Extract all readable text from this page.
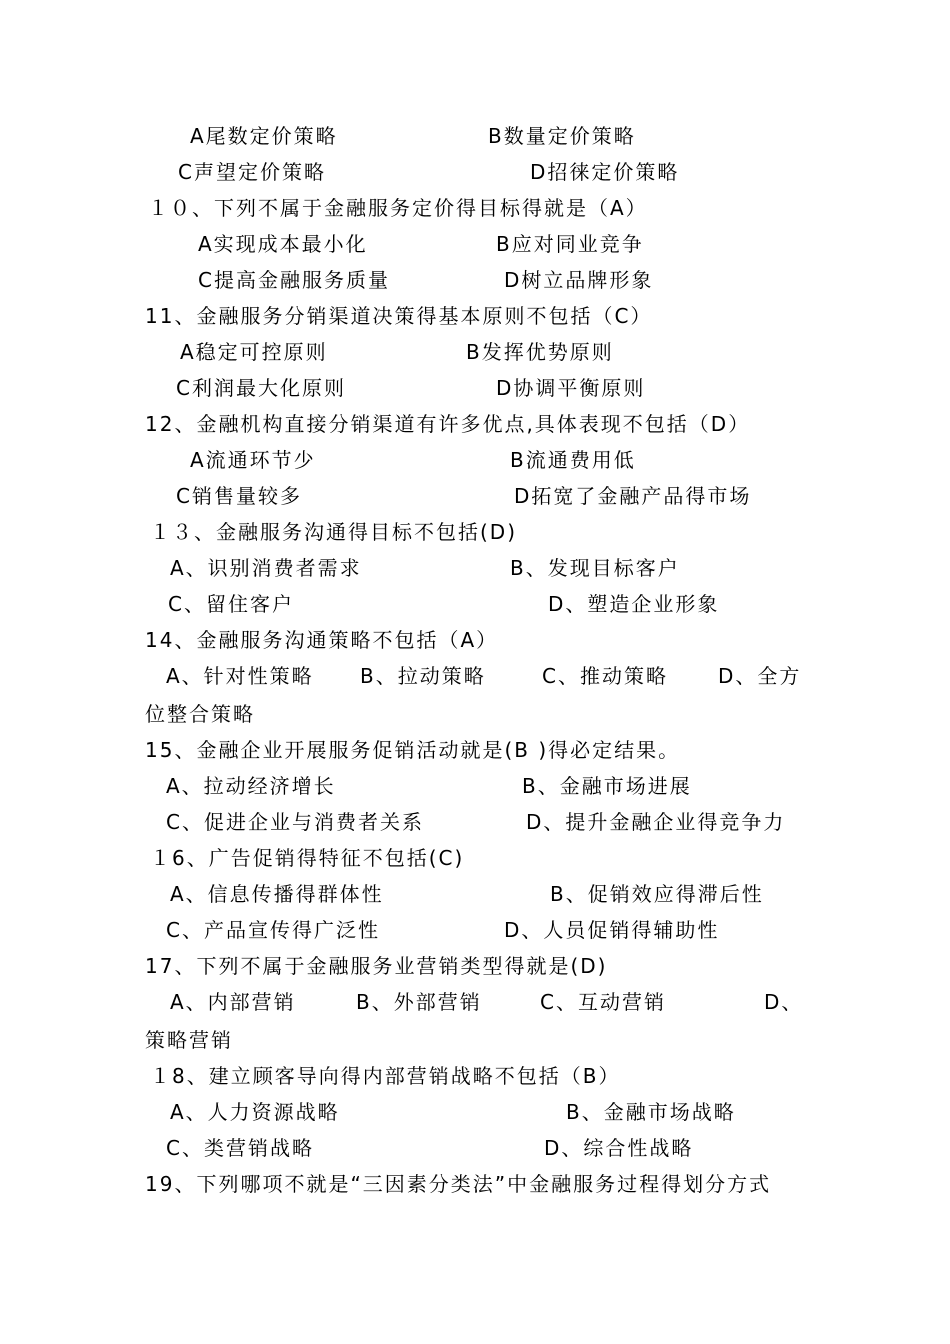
A尾数定价策略	B数量定价策略
C声望定价策略	D招徕定价策略
１０、下列不属于金融服务定价得目标得就是（A）
A实现成本最小化	B应对同业竞争
C提高金融服务质量	D树立品牌形象
11、金融服务分销渠道决策得基本原则不包括（C）
A稳定可控原则	B发挥优势原则
C利润最大化原则	D协调平衡原则
12、金融机构直接分销渠道有许多优点,具体表现不包括（D）
A流通环节少	B流通费用低
C销售量较多	D拓宽了金融产品得市场
１３、金融服务沟通得目标不包括(D)
A、识别消费者需求	B、发现目标客户
C、留住客户	D、塑造企业形象
14、金融服务沟通策略不包括（A）
A、针对性策略 B、拉动策略	C、推动策略	D、全方
位整合策略
15、金融企业开展服务促销活动就是(B )得必定结果。
A、拉动经济增长	B、金融市场进展
C、促进企业与消费者关系	D、提升金融企业得竞争力
１6、广告促销得特征不包括(C)
A、信息传播得群体性	B、促销效应得滞后性
C、产品宣传得广泛性	D、人员促销得辅助性
17、下列不属于金融服务业营销类型得就是(D)
A、内部营销	B、外部营销	C、互动营销	D、
策略营销
１8、建立顾客导向得内部营销战略不包括（B）
A、人力资源战略	B、金融市场战略
C、类营销战略	D、综合性战略
19、下列哪项不就是“三因素分类法”中金融服务过程得划分方式
